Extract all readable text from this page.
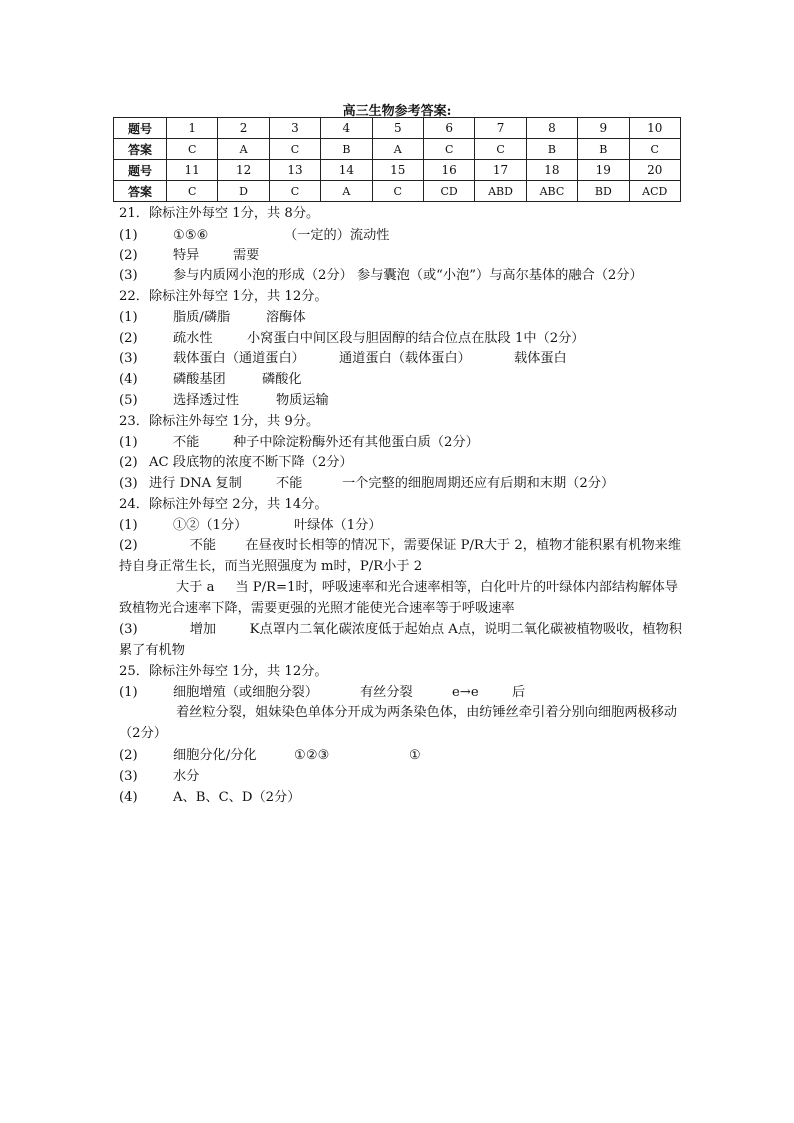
高三生物参考答案:
题号	1	2	3	4	5	6	7	8	9	10
答案	C	A	C	B	A	C	C	B	B	C
题号	11	12	13	14	15	16	17	18	19	20
答案	C	D	C	A	C	CD	ABD	ABC	BD	ACD
21．除标注外每空 1分，共 8分。
(1)	①⑤⑥	（一定的）流动性
(2)	特异	需要
(3)	参与内质网小泡的形成（2分） 参与囊泡（或“小泡”）与高尔基体的融合（2分）
22．除标注外每空 1分，共 12分。
(1)	脂质/磷脂	溶酶体
(2)	疏水性	小窝蛋白中间区段与胆固醇的结合位点在肽段 1中（2分）
(3)	载体蛋白（通道蛋白）	通道蛋白（载体蛋白）	载体蛋白
(4)	磷酸基团	磷酸化
(5)	选择透过性	物质运输
23．除标注外每空 1分，共 9分。
(1)	不能	种子中除淀粉酶外还有其他蛋白质（2分）
(2) AC 段底物的浓度不断下降（2分）
(3) 进行 DNA 复制	不能	一个完整的细胞周期还应有后期和末期（2分）
24．除标注外每空 2分，共 14分。
(1)	①②（1分）	叶绿体（1分）

(2)	不能 在昼夜时长相等的情况下，需要保证 P/R大于 2，植物才能积累有机物来维持自身正常生长，而当光照强度为 m时，P/R小于 2

大于 a 当 P/R=1时，呼吸速率和光合速率相等，白化叶片的叶绿体内部结构解体导致植物光合速率下降，需要更强的光照才能使光合速率等于呼吸速率

(3)	增加	K点罩内二氧化碳浓度低于起始点 A点，说明二氧化碳被植物吸收，植物积累了有机物

25．除标注外每空 1分，共 12分。
(1)	细胞增殖（或细胞分裂）	有丝分裂	e→e	后

着丝粒分裂，姐妹染色单体分开成为两条染色体，由纺锤丝牵引着分别向细胞两极移动（2分）

(2)	细胞分化/分化	①②③	①
(3)	水分
(4)	A、B、C、D（2分）
